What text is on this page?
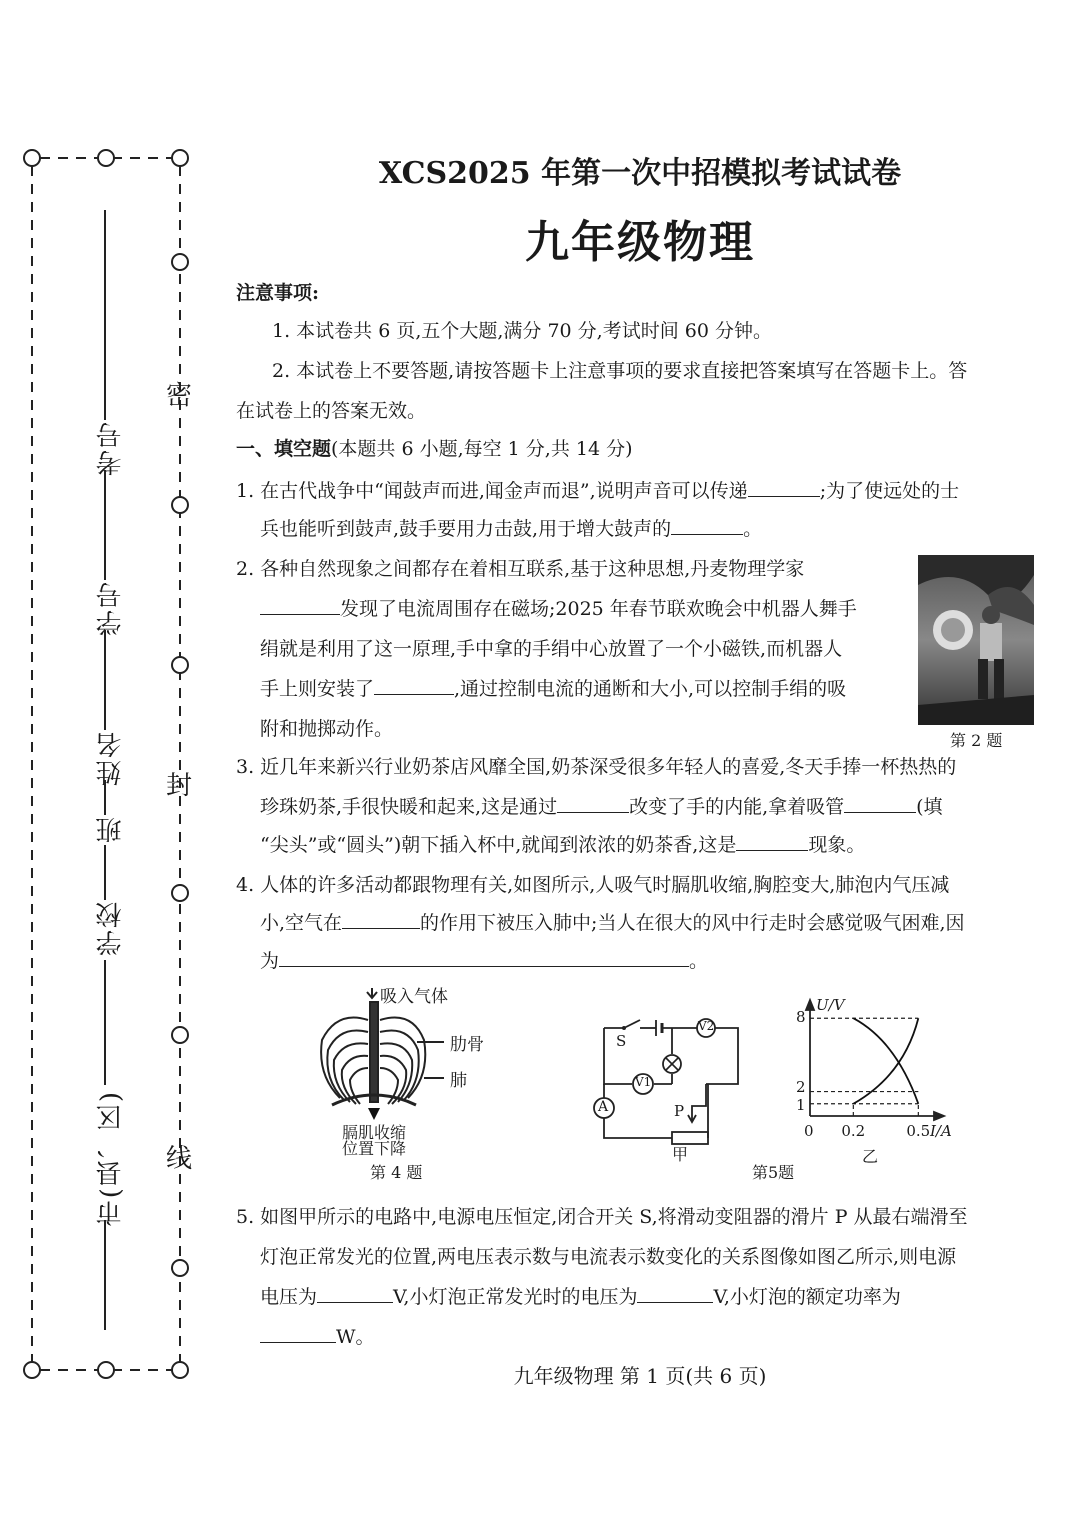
密
封
线
考号
学号
姓名
班
学校
市(县、区)
XCS2025 年第一次中招模拟考试试卷
九年级物理
注意事项:
1. 本试卷共 6 页,五个大题,满分 70 分,考试时间 60 分钟。
2. 本试卷上不要答题,请按答题卡上注意事项的要求直接把答案填写在答题卡上。答
在试卷上的答案无效。
一、填空题(本题共 6 小题,每空 1 分,共 14 分)
1. 在古代战争中“闻鼓声而进,闻金声而退”,说明声音可以传递	;为了使远处的士
兵也能听到鼓声,鼓手要用力击鼓,用于增大鼓声的	。
2. 各种自然现象之间都存在着相互联系,基于这种思想,丹麦物理学家
发现了电流周围存在磁场;2025 年春节联欢晚会中机器人舞手
绢就是利用了这一原理,手中拿的手绢中心放置了一个小磁铁,而机器人
手上则安装了	,通过控制电流的通断和大小,可以控制手绢的吸
附和抛掷动作。
第 2 题
3. 近几年来新兴行业奶茶店风靡全国,奶茶深受很多年轻人的喜爱,冬天手捧一杯热热的
珍珠奶茶,手很快暖和起来,这是通过	改变了手的内能,拿着吸管	(填
“尖头”或“圆头”)朝下插入杯中,就闻到浓浓的奶茶香,这是	现象。
4. 人体的许多活动都跟物理有关,如图所示,人吸气时膈肌收缩,胸腔变大,肺泡内气压减
小,空气在	的作用下被压入肺中;当人在很大的风中行走时会感觉吸气困难,因
为	。
吸入气体
肋骨
肺
膈肌收缩
位置下降
第 4 题
S
V2
V1
A	P
甲
第5题
U/V
I/A
0
8
2
1
0.2	0.5
乙
5. 如图甲所示的电路中,电源电压恒定,闭合开关 S,将滑动变阻器的滑片 P 从最右端滑至
灯泡正常发光的位置,两电压表示数与电流表示数变化的关系图像如图乙所示,则电源
电压为	V,小灯泡正常发光时的电压为	V,小灯泡的额定功率为
W。
九年级物理 第 1 页(共 6 页)
